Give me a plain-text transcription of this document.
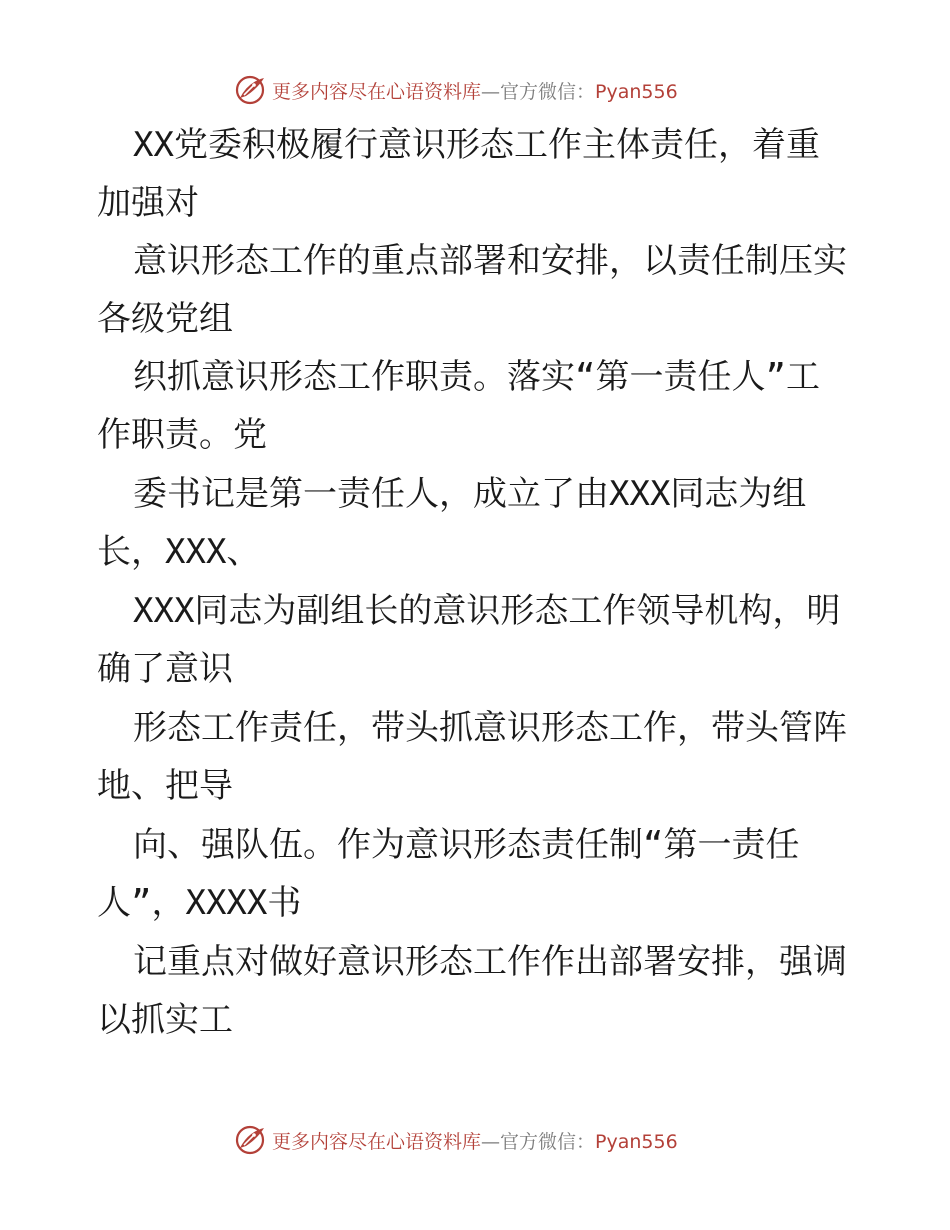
更多内容尽在心语资料库—官方微信：Pyan556
XX党委积极履行意识形态工作主体责任，着重
加强对
意识形态工作的重点部署和安排，以责任制压实
各级党组
织抓意识形态工作职责。落实“第一责任人”工
作职责。党
委书记是第一责任人，成立了由XXX同志为组
长，XXX、
XXX同志为副组长的意识形态工作领导机构，明
确了意识
形态工作责任，带头抓意识形态工作，带头管阵
地、把导
向、强队伍。作为意识形态责任制“第一责任
人”，XXXX书
记重点对做好意识形态工作作出部署安排，强调
以抓实工
更多内容尽在心语资料库—官方微信：Pyan556
